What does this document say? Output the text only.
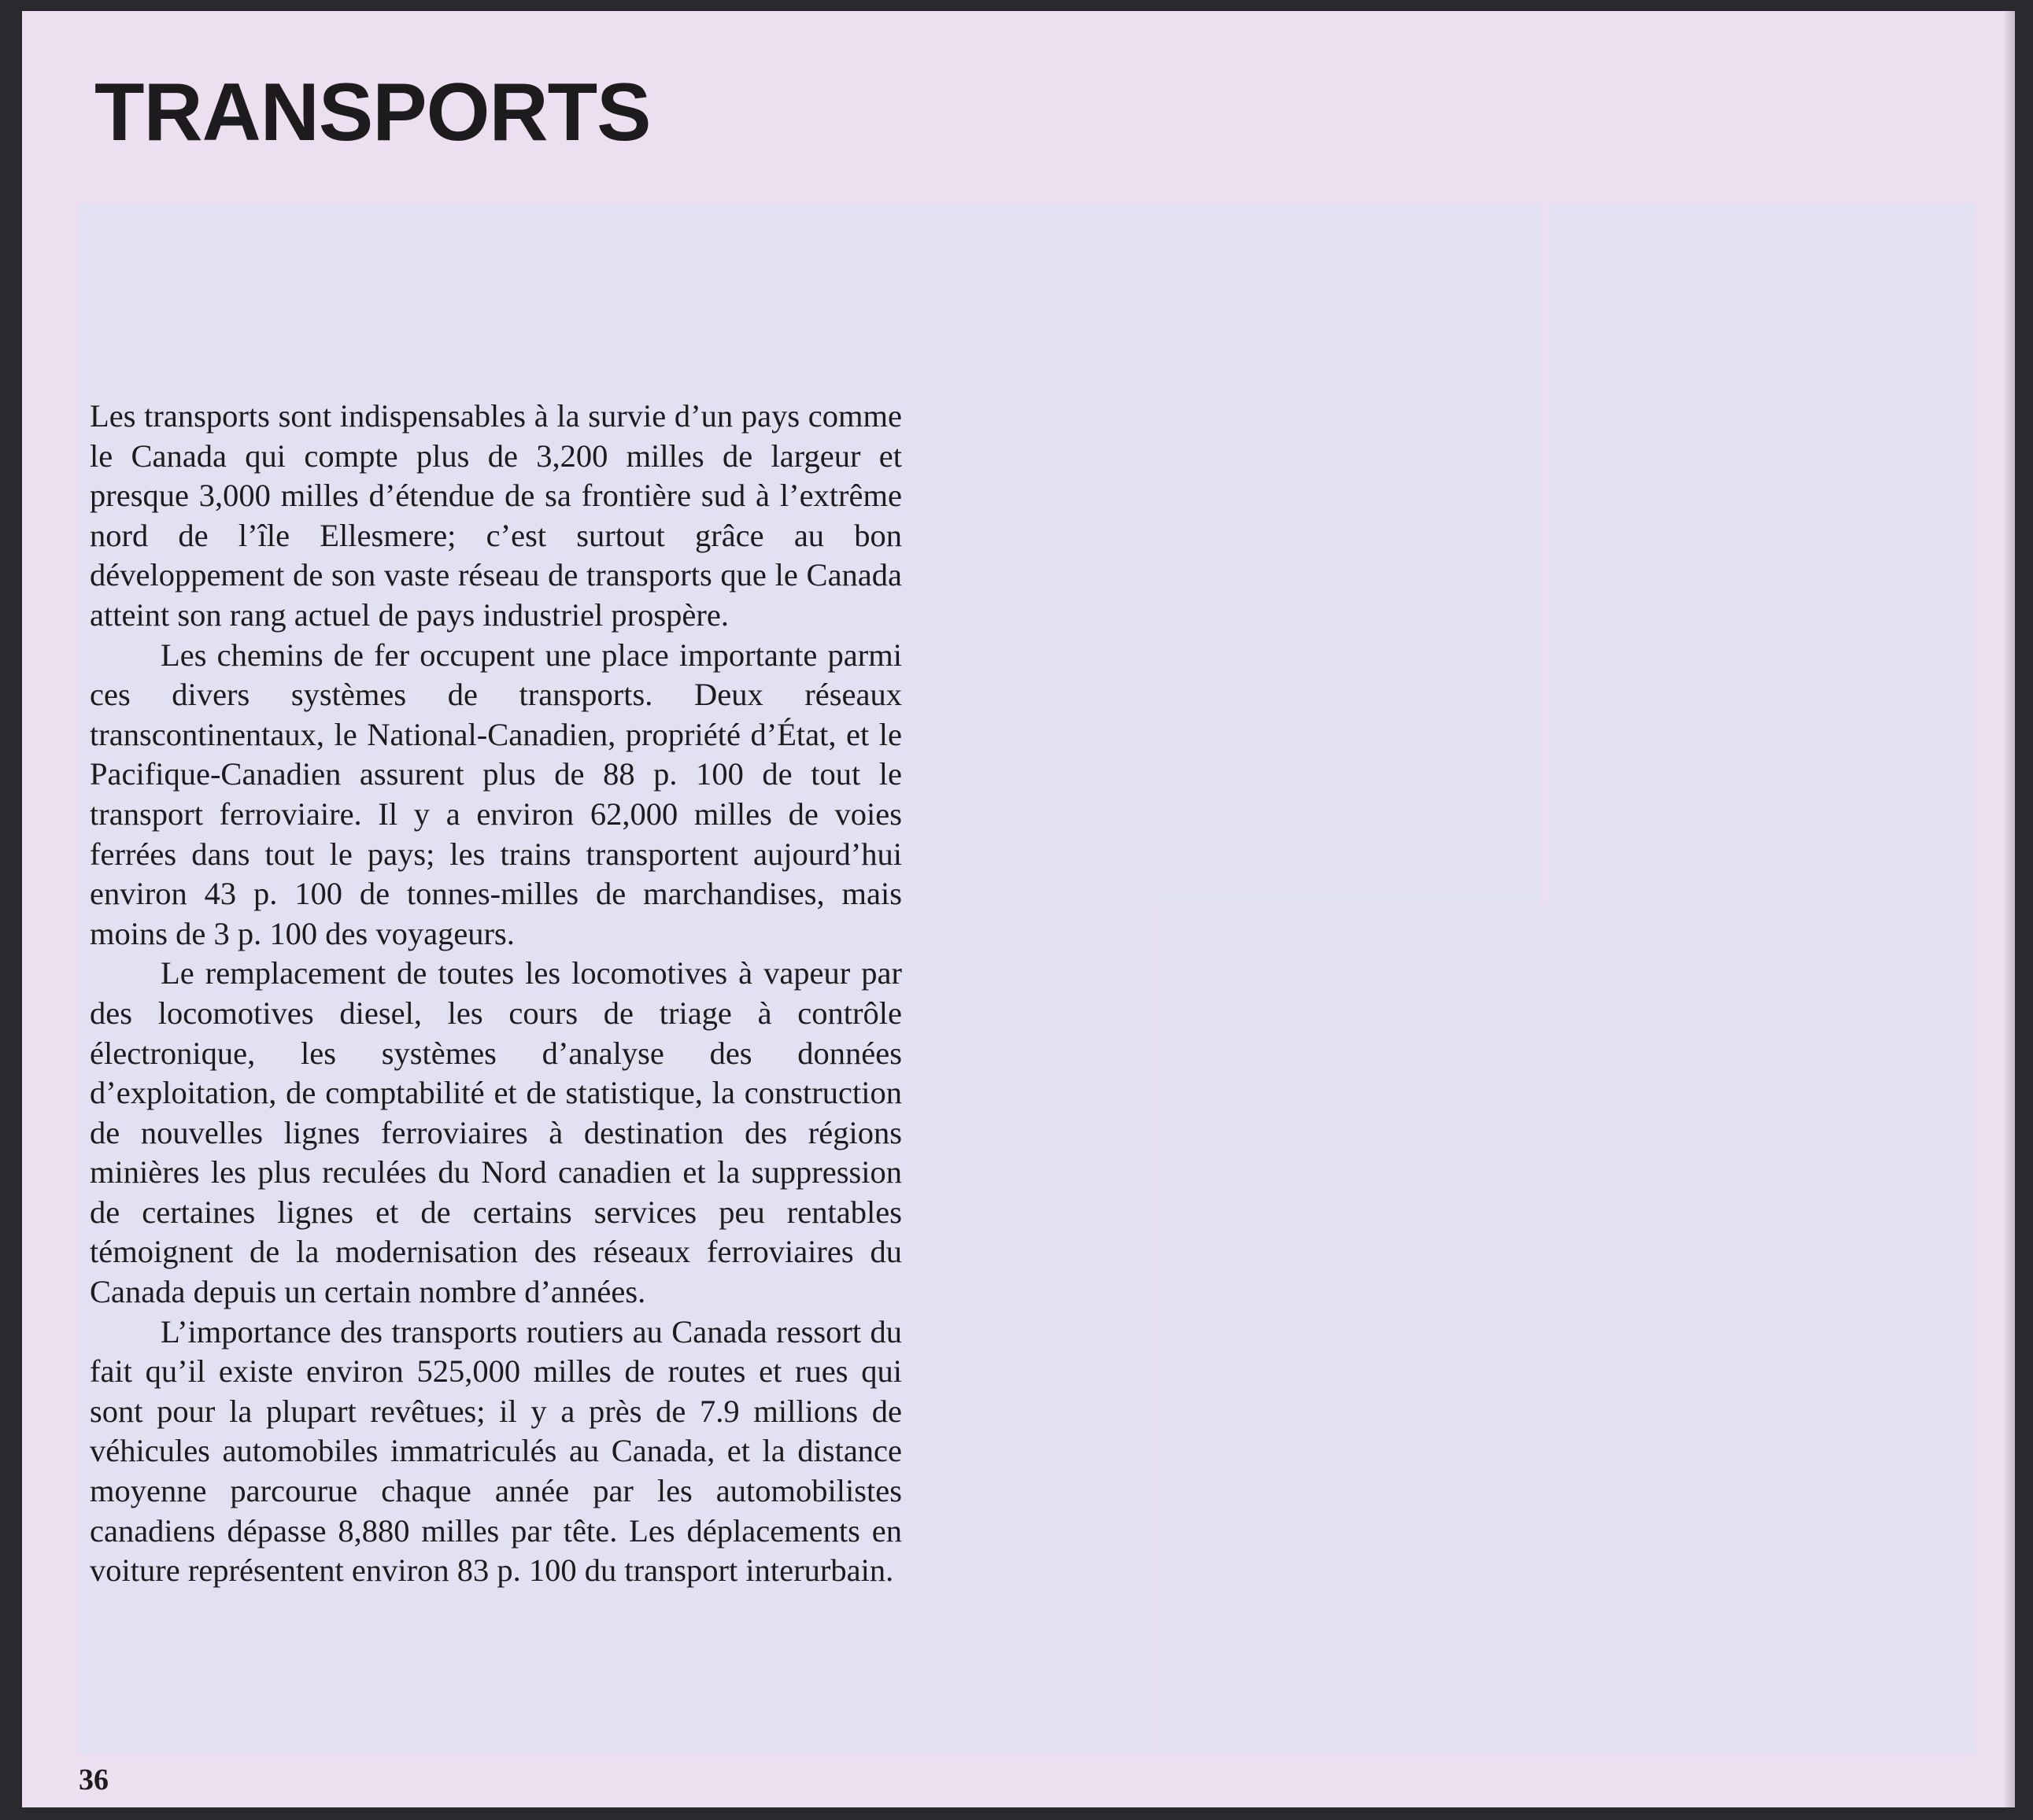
TRANSPORTS

Les transports sont indispensables à la survie d’un pays comme le Canada qui compte plus de 3,200 milles de largeur et presque 3,000 milles d’étendue de sa frontière sud à l’extrême nord de l’île Ellesmere; c’est surtout grâce au bon développement de son vaste réseau de transports que le Canada atteint son rang actuel de pays industriel prospère.

Les chemins de fer occupent une place importante parmi ces divers systèmes de transports. Deux réseaux transcontinentaux, le National-Canadien, propriété d’État, et le Pacifique-Canadien assurent plus de 88 p. 100 de tout le transport ferroviaire. Il y a environ 62,000 milles de voies ferrées dans tout le pays; les trains transportent aujourd’hui environ 43 p. 100 de tonnes-milles de marchandises, mais moins de 3 p. 100 des voyageurs.

Le remplacement de toutes les locomotives à vapeur par des locomotives diesel, les cours de triage à contrôle électronique, les systèmes d’analyse des données d’exploitation, de comptabilité et de statistique, la construction de nouvelles lignes ferroviaires à destination des régions minières les plus reculées du Nord canadien et la suppression de certaines lignes et de certains services peu rentables témoignent de la modernisation des réseaux ferroviaires du Canada depuis un certain nombre d’années.

L’importance des transports routiers au Canada ressort du fait qu’il existe environ 525,000 milles de routes et rues qui sont pour la plupart revêtues; il y a près de 7.9 millions de véhicules automobiles immatriculés au Canada, et la distance moyenne parcourue chaque année par les automobilistes canadiens dépasse 8,880 milles par tête. Les déplacements en voiture représentent environ 83 p. 100 du transport interurbain.

36
